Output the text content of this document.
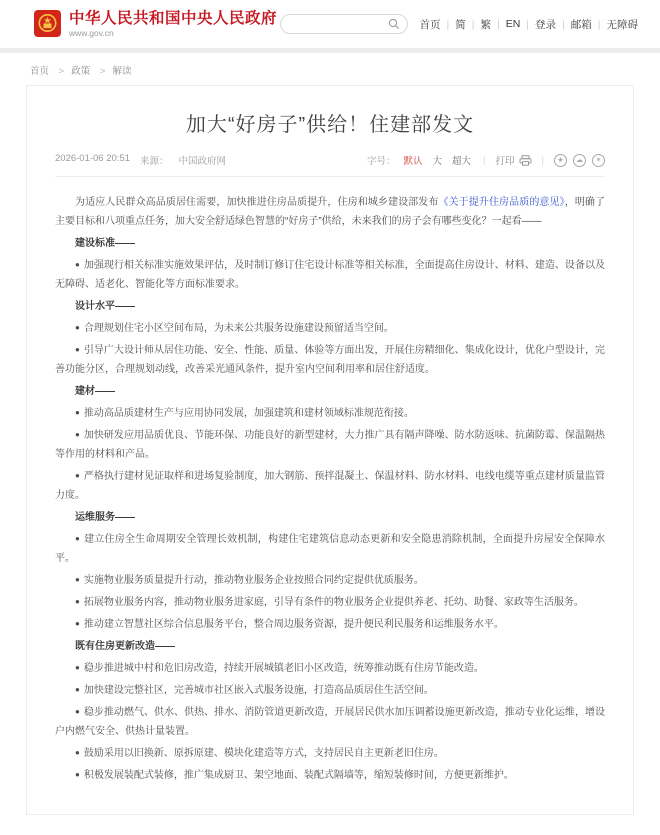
中华人民共和国中央人民政府
www.gov.cn
首页	| 简	| 繁	| EN	| 登录	| 邮箱	| 无障碍
首页 > 政策 > 解读
加大“好房子”供给！住建部发文
2026-01-06 20:51 来源： 中国政府网	字号： 默认 大 超大 | 打印	|	★	☁	✶

为适应人民群众高品质居住需要，加快推进住房品质提升，住房和城乡建设部发布《关于提升住房品质的意见》，明确了主要目标和八项重点任务，加大安全舒适绿色智慧的“好房子”供给，未来我们的房子会有哪些变化？一起看——

建设标准——

● 加强现行相关标准实施效果评估，及时制订修订住宅设计标准等相关标准，全面提高住房设计、材料、建造、设备以及无障碍、适老化、智能化等方面标准要求。

设计水平——

● 合理规划住宅小区空间布局，为未来公共服务设施建设预留适当空间。

● 引导广大设计师从居住功能、安全、性能、质量、体验等方面出发，开展住房精细化、集成化设计，优化户型设计，完善功能分区，合理规划动线，改善采光通风条件，提升室内空间利用率和居住舒适度。

建材——

● 推动高品质建材生产与应用协同发展，加强建筑和建材领域标准规范衔接。

● 加快研发应用品质优良、节能环保、功能良好的新型建材，大力推广具有隔声降噪、防水防返味、抗菌防霉、保温隔热等作用的材料和产品。

● 严格执行建材见证取样和进场复验制度，加大钢筋、预拌混凝土、保温材料、防水材料、电线电缆等重点建材质量监管力度。

运维服务——

● 建立住房全生命周期安全管理长效机制，构建住宅建筑信息动态更新和安全隐患消除机制，全面提升房屋安全保障水平。

● 实施物业服务质量提升行动，推动物业服务企业按照合同约定提供优质服务。

● 拓展物业服务内容，推动物业服务进家庭，引导有条件的物业服务企业提供养老、托幼、助餐、家政等生活服务。

● 推动建立智慧社区综合信息服务平台，整合周边服务资源，提升便民利民服务和运维服务水平。

既有住房更新改造——

● 稳步推进城中村和危旧房改造，持续开展城镇老旧小区改造，统筹推动既有住房节能改造。

● 加快建设完整社区，完善城市社区嵌入式服务设施，打造高品质居住生活空间。

● 稳步推动燃气、供水、供热、排水、消防管道更新改造，开展居民供水加压调蓄设施更新改造，推动专业化运维，增设户内燃气安全、供热计量装置。

● 鼓励采用以旧换新、原拆原建、模块化建造等方式，支持居民自主更新老旧住房。

● 积极发展装配式装修，推广集成厨卫、架空地面、装配式隔墙等，缩短装修时间，方便更新维护。
